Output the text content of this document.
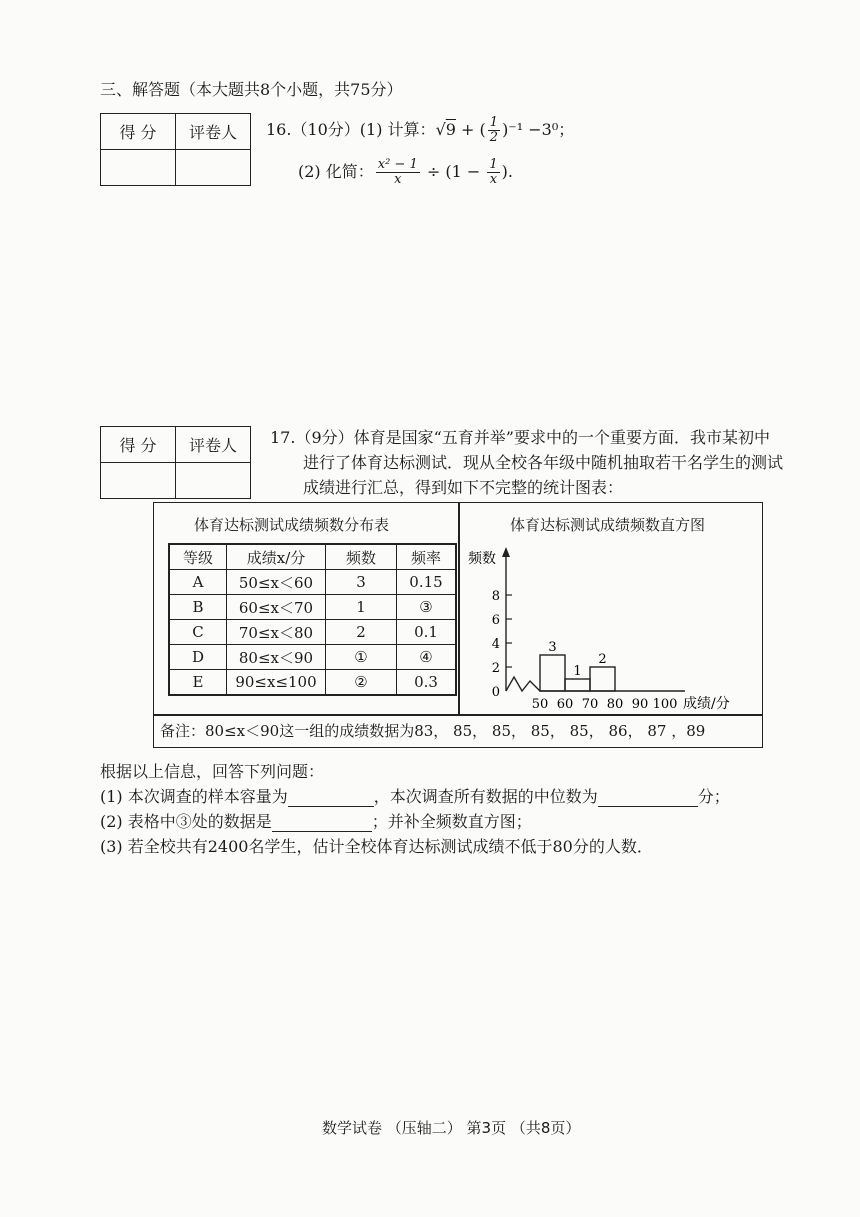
三、解答题（本大题共8个小题，共75分）
得 分	评卷人
	16.（10分）(1) 计算：√9 + ( $\frac{1}{2} )^{-1} -3^0$；
(2) 化简： $\frac{\text{x² − 1}}{x} \div (1 - \frac{1}{x}$ ).
得 分	评卷人
	17.（9分）体育是国家“五育并举”要求中的一个重要方面．我市某初中
进行了体育达标测试．现从全校各年级中随机抽取若干名学生的测试
成绩进行汇总，得到如下不完整的统计图表：
体育达标测试成绩频数分布表
等级	成绩x/分	频数	频率
A	50≤x＜60	3	0.15
B	60≤x＜70	1	③
C	70≤x＜80	2	0.1
D	80≤x＜90	①	④
E	90≤x≤100	②	0.3
体育达标测试成绩频数直方图
频数
0
2
4
6
8
50 60 70 80 90 100 成绩/分
3
1
2
备注：80≤x＜90这一组的成绩数据为83， 85， 85， 85， 85， 86， 87 ，89
根据以上信息，回答下列问题：
(1) 本次调查的样本容量为	，本次调查所有数据的中位数为	分；
(2) 表格中③处的数据是	；并补全频数直方图；
(3) 若全校共有2400名学生，估计全校体育达标测试成绩不低于80分的人数．
数学试卷 （压轴二） 第3页 （共8页）
